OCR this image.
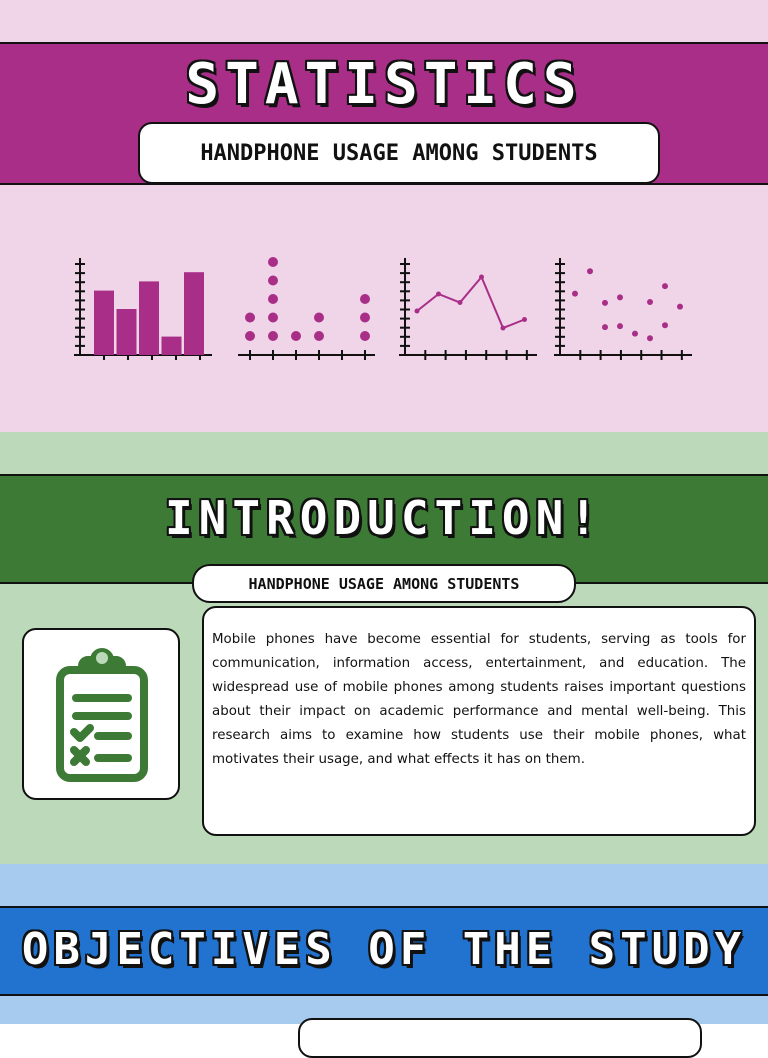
STATISTICS
HANDPHONE USAGE AMONG STUDENTS
INTRODUCTION!
HANDPHONE USAGE AMONG STUDENTS

Mobile phones have become essential for students, serving as tools for communication, information access, entertainment, and education. The widespread use of mobile phones among students raises important questions about their impact on academic performance and mental well-being. This research aims to examine how students use their mobile phones, what motivates their usage, and what effects it has on them.

OBJECTIVES OF THE STUDY
